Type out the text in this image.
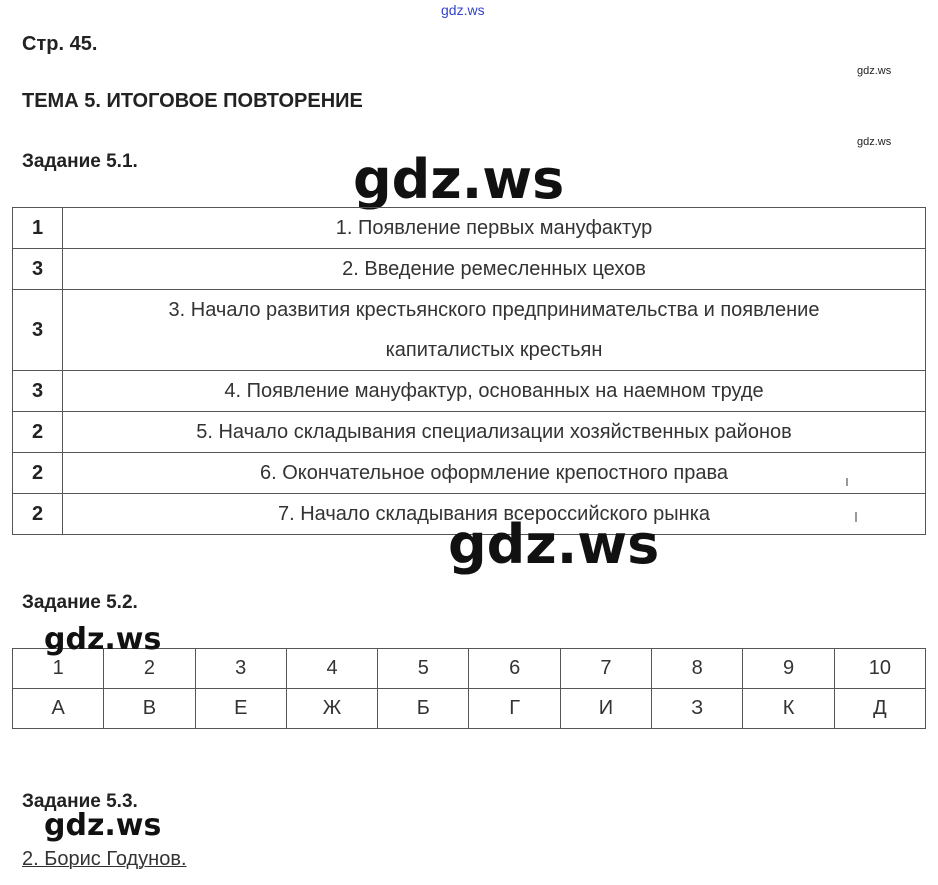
gdz.ws
gdz.ws
gdz.ws
Стр. 45.
ТЕМА 5. ИТОГОВОЕ ПОВТОРЕНИЕ
Задание 5.1.	gdz.ws
1	1. Появление первых мануфактур
3	2. Введение ремесленных цехов
3	3. Начало развития крестьянского предпринимательства и появление
капиталистых крестьян

3	4. Появление мануфактур, основанных на наемном труде
2	5. Начало складывания специализации хозяйственных районов
2	6. Окончательное оформление крепостного права
2	7. Начало складывания всероссийского рынка
gdz.ws
Задание 5.2.
1	2	3	4	5	6	7	8	9	10
А	В	Е	Ж	Б	Г	И	З	К	Д
gdz.ws
Задание 5.3.
gdz.ws
2. Борис Годунов.
